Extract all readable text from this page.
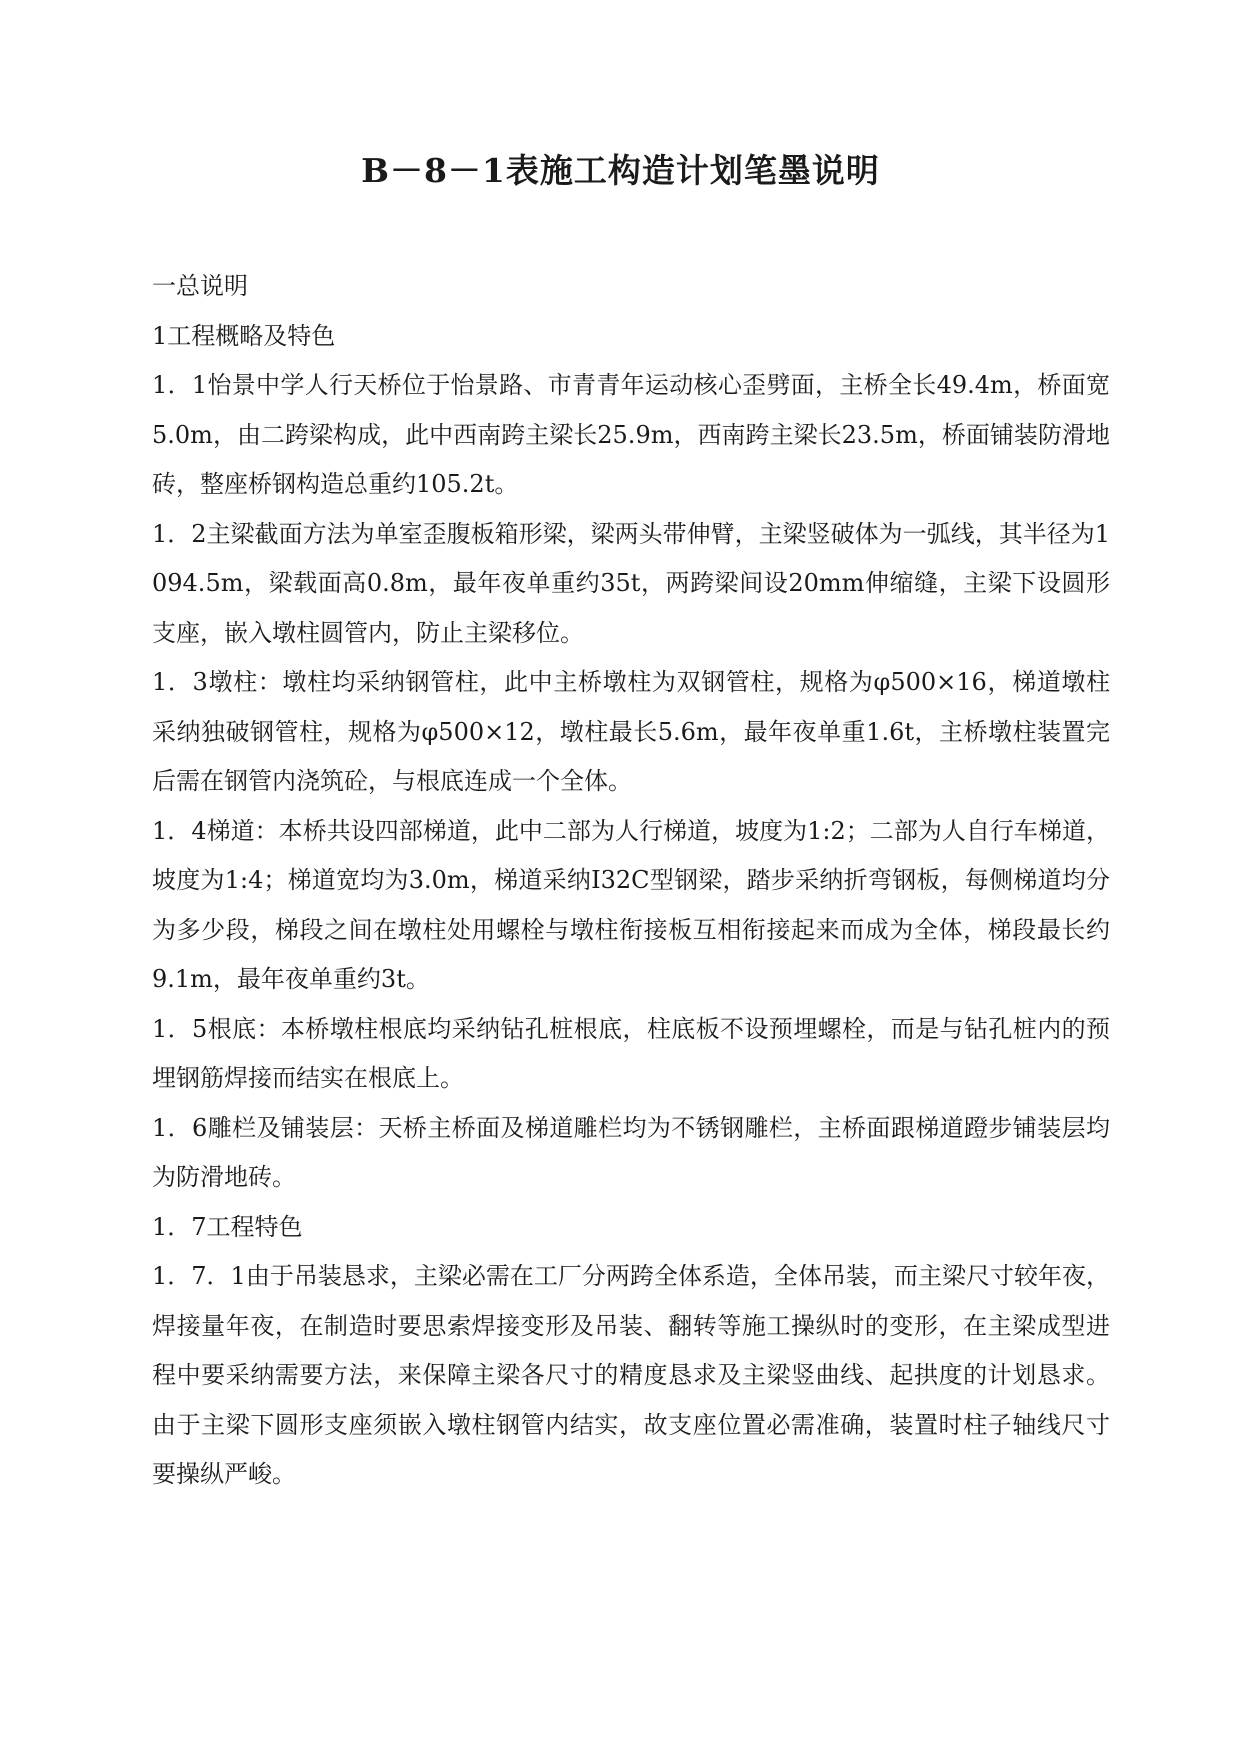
B－8－1表施工构造计划笔墨说明

一总说明

1工程概略及特色

1．1怡景中学人行天桥位于怡景路、市青青年运动核心歪劈面，主桥全长49.4m，桥面宽5.0m，由二跨梁构成，此中西南跨主梁长25.9m，西南跨主梁长23.5m，桥面铺装防滑地砖，整座桥钢构造总重约105.2t。

1．2主梁截面方法为单室歪腹板箱形梁，梁两头带伸臂，主梁竖破体为一弧线，其半径为1094.5m，梁载面高0.8m，最年夜单重约35t，两跨梁间设20mm伸缩缝，主梁下设圆形支座，嵌入墩柱圆管内，防止主梁移位。

1．3墩柱：墩柱均采纳钢管柱，此中主桥墩柱为双钢管柱，规格为φ500×16，梯道墩柱采纳独破钢管柱，规格为φ500×12，墩柱最长5.6m，最年夜单重1.6t，主桥墩柱装置完后需在钢管内浇筑砼，与根底连成一个全体。

1．4梯道：本桥共设四部梯道，此中二部为人行梯道，坡度为1:2；二部为人自行车梯道，坡度为1:4；梯道宽均为3.0m，梯道采纳I32C型钢梁，踏步采纳折弯钢板，每侧梯道均分为多少段，梯段之间在墩柱处用螺栓与墩柱衔接板互相衔接起来而成为全体，梯段最长约9.1m，最年夜单重约3t。

1．5根底：本桥墩柱根底均采纳钻孔桩根底，柱底板不设预埋螺栓，而是与钻孔桩内的预埋钢筋焊接而结实在根底上。

1．6雕栏及铺装层：天桥主桥面及梯道雕栏均为不锈钢雕栏，主桥面跟梯道蹬步铺装层均为防滑地砖。

1．7工程特色

1．7．1由于吊装恳求，主梁必需在工厂分两跨全体系造，全体吊装，而主梁尺寸较年夜，焊接量年夜，在制造时要思索焊接变形及吊装、翻转等施工操纵时的变形，在主梁成型进程中要采纳需要方法，来保障主梁各尺寸的精度恳求及主梁竖曲线、起拱度的计划恳求。由于主梁下圆形支座须嵌入墩柱钢管内结实，故支座位置必需准确，装置时柱子轴线尺寸要操纵严峻。
